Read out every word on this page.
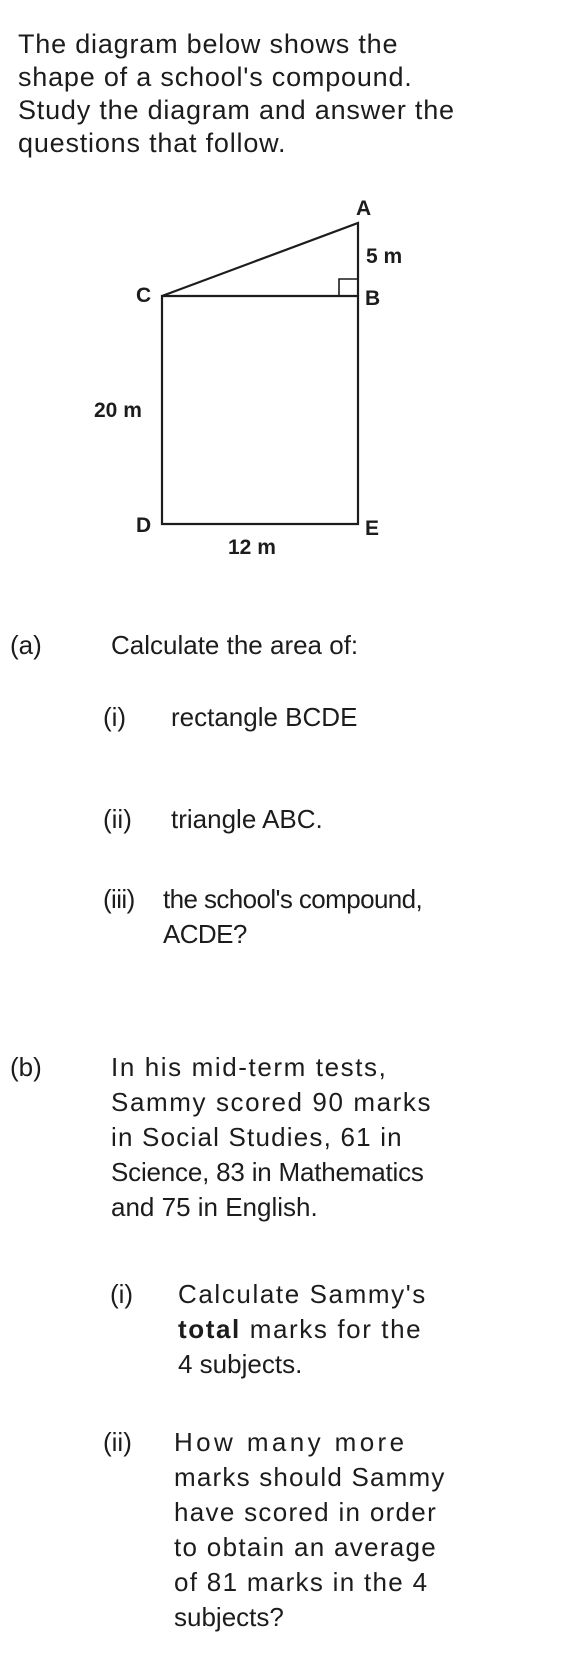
The diagram below shows the
shape of a school's compound.
Study the diagram and answer the
questions that follow.
A
B
C
D	E
5 m
20 m
12 m
(a)	Calculate the area of:
(i) rectangle BCDE
(ii) triangle ABC.
(iii) the school's compound,
ACDE?
(b)	In his mid-term tests,
Sammy scored 90 marks
in Social Studies, 61 in
Science, 83 in Mathematics
and 75 in English.
(i) Calculate Sammy's
total marks for the
4 subjects.
(ii) How many more
marks should Sammy
have scored in order
to obtain an average
of 81 marks in the 4
subjects?
